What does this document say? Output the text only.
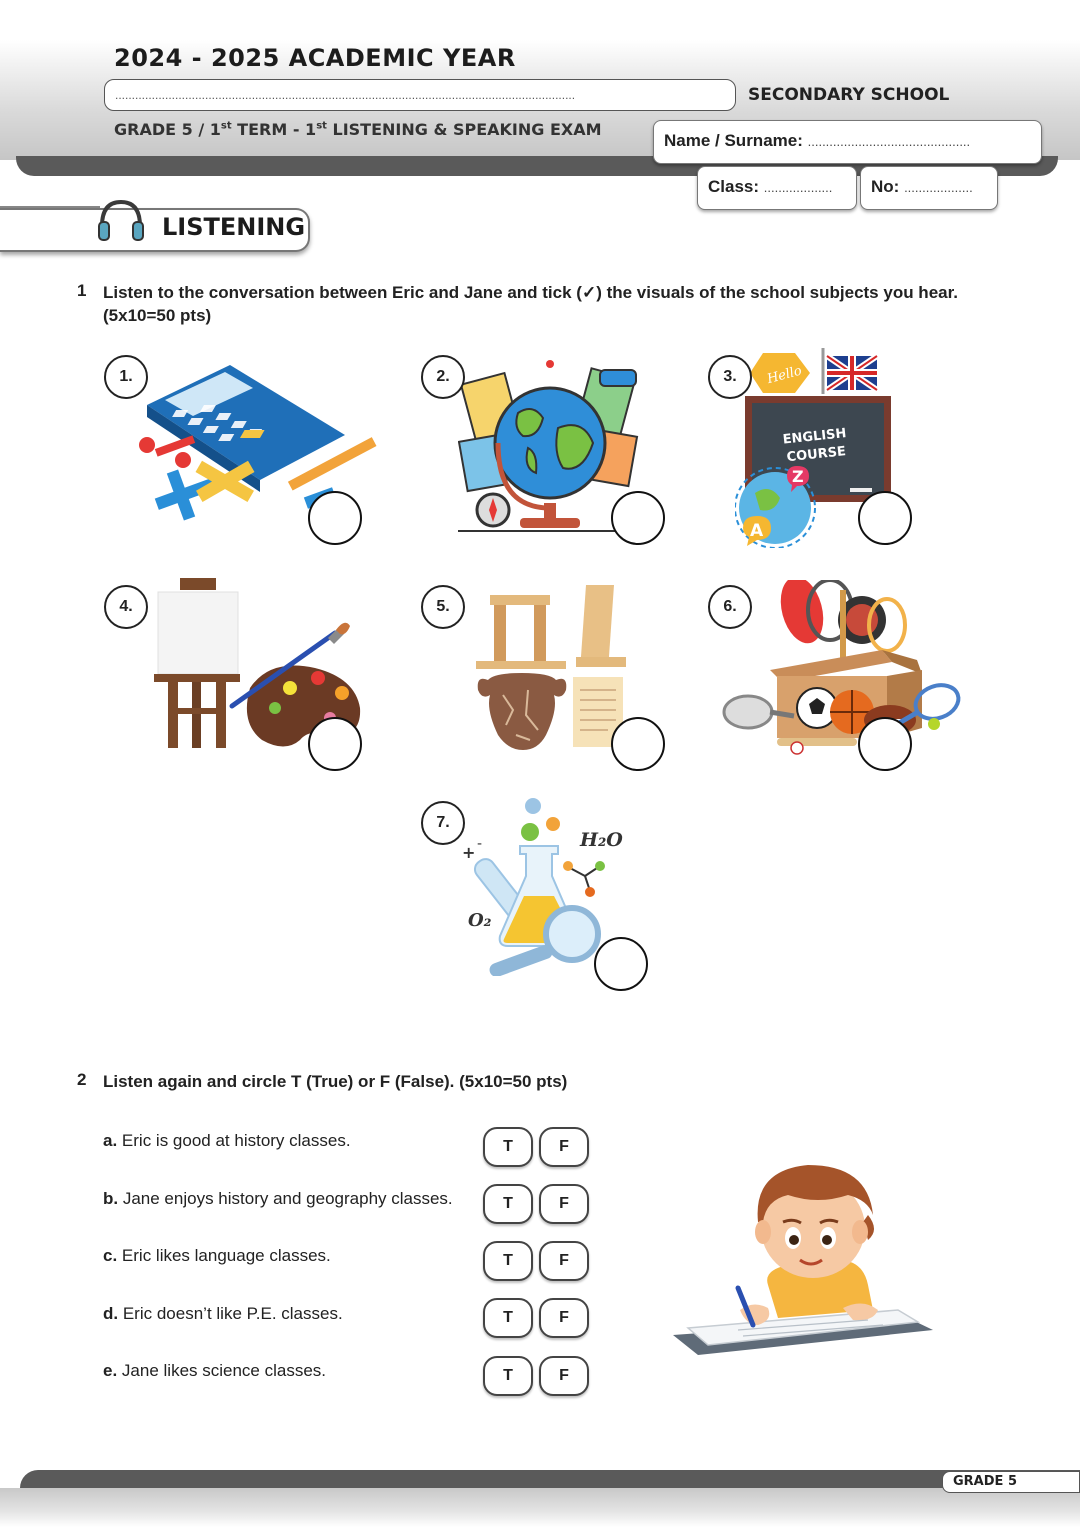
2024 - 2025 ACADEMIC YEAR
..........................................................................................................................................	SECONDARY SCHOOL
GRADE 5 / 1st TERM - 1st LISTENING & SPEAKING EXAM
Name / Surname: .............................................
Class: ...................	No: ...................
LISTENING
1 Listen to the conversation between Eric and Jane and tick (✓) the visuals of the school subjects you hear.
(5x10=50 pts)
1.	2.	Hello
ENGLISH
COURSE
Z
A
3.
4.	5.	6.
+ -	H₂O
O₂
7.
2 Listen again and circle T (True) or F (False). (5x10=50 pts)
a. Eric is good at history classes.	T	F
b. Jane enjoys history and geography classes.	T	F
c. Eric likes language classes.	T	F
d. Eric doesn’t like P.E. classes.	T	F
e. Jane likes science classes.	T	F
GRADE 5
